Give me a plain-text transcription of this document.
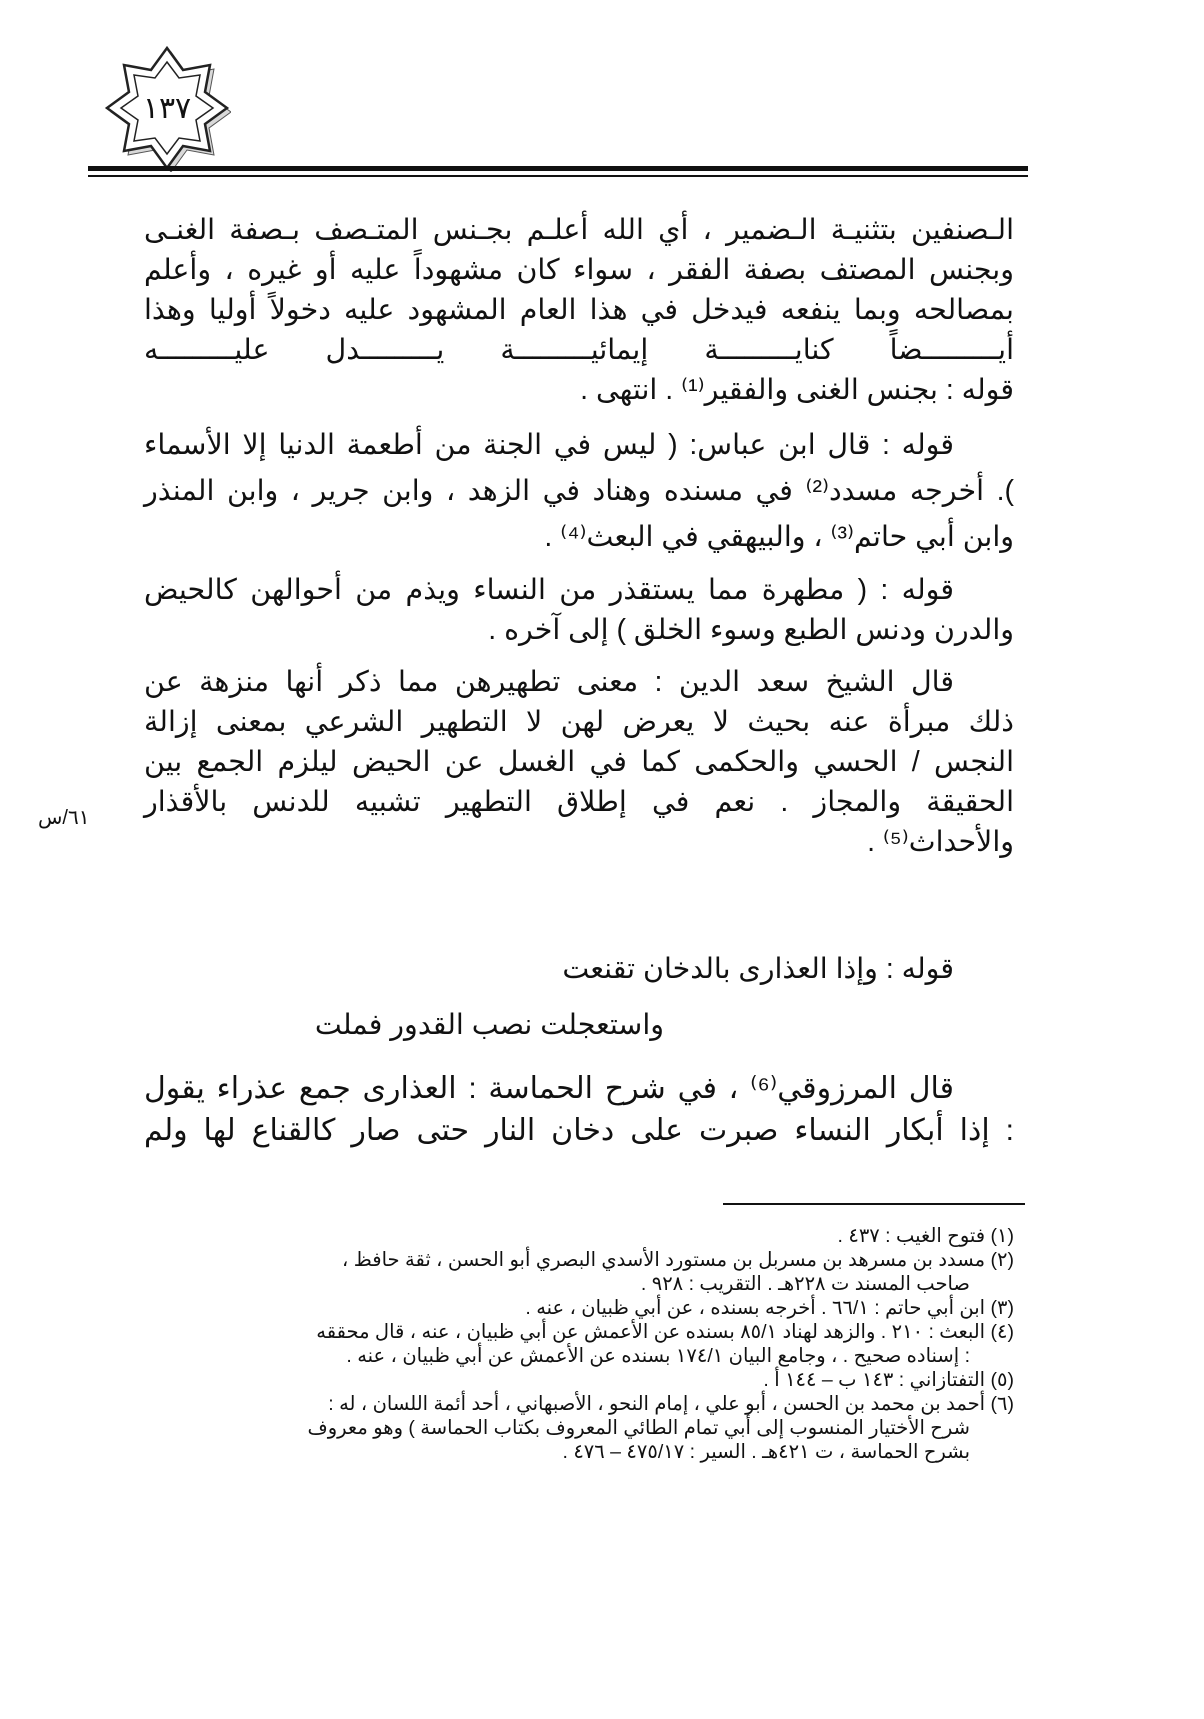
١٣٧
الـصنفين بتثنيـة الـضمير ، أي الله أعلـم بجـنس المتـصف بـصفة الغنـى
وبجنس المصتف بصفة الفقر ، سواء كان مشهوداً عليه أو غيره ، وأعلم
بمصالحه وبما ينفعه فيدخل في هذا العام المشهود عليه دخولاً أوليا وهذا
أيـــــــــضاً كنايـــــــــة إيمائيـــــــــة يـــــــــدل عليـــــــــه
قوله : بجنس الغنى والفقير⁽¹⁾ . انتهى .
قوله : قال ابن عباس: ( ليس في الجنة من أطعمة الدنيا إلا الأسماء
). أخرجه مسدد⁽²⁾ في مسنده وهناد في الزهد ، وابن جرير ، وابن المنذر
وابن أبي حاتم⁽³⁾ ، والبيهقي في البعث⁽⁴⁾ .
قوله : ( مطهرة مما يستقذر من النساء ويذم من أحوالهن كالحيض
والدرن ودنس الطبع وسوء الخلق ) إلى آخره .
قال الشيخ سعد الدين : معنى تطهيرهن مما ذكر أنها منزهة عن
ذلك مبرأة عنه بحيث لا يعرض لهن لا التطهير الشرعي بمعنى إزالة
النجس / الحسي والحكمى كما في الغسل عن الحيض ليلزم الجمع بين
الحقيقة والمجاز . نعم في إطلاق التطهير تشبيه للدنس بالأقذار
والأحداث⁽⁵⁾ .
٦١/س
قوله : وإذا العذارى بالدخان تقنعت
واستعجلت نصب القدور فملت
قال المرزوقي⁽⁶⁾ ، في شرح الحماسة : العذارى جمع عذراء يقول
: إذا أبكار النساء صبرت على دخان النار حتى صار كالقناع لها ولم
(١) فتوح الغيب : ٤٣٧ .
(٢) مسدد بن مسرهد بن مسربل بن مستورد الأسدي البصري أبو الحسن ، ثقة حافظ ،
صاحب المسند ت ٢٢٨هـ . التقريب : ٩٢٨ .
(٣) ابن أبي حاتم : ٦٦/١ . أخرجه بسنده ، عن أبي ظبيان ، عنه .
(٤) البعث : ٢١٠ . والزهد لهناد ٨٥/١ بسنده عن الأعمش عن أبي ظبيان ، عنه ، قال محققه
: إسناده صحيح . ، وجامع البيان ١٧٤/١ بسنده عن الأعمش عن أبي ظبيان ، عنه .
(٥) التفتازاني : ١٤٣ ب – ١٤٤ أ .
(٦) أحمد بن محمد بن الحسن ، أبو علي ، إمام النحو ، الأصبهاني ، أحد أئمة اللسان ، له :
شرح الأختيار المنسوب إلى أبي تمام الطائي المعروف بكتاب الحماسة ) وهو معروف
بشرح الحماسة ، ت ٤٢١هـ . السير : ٤٧٥/١٧ – ٤٧٦ .
